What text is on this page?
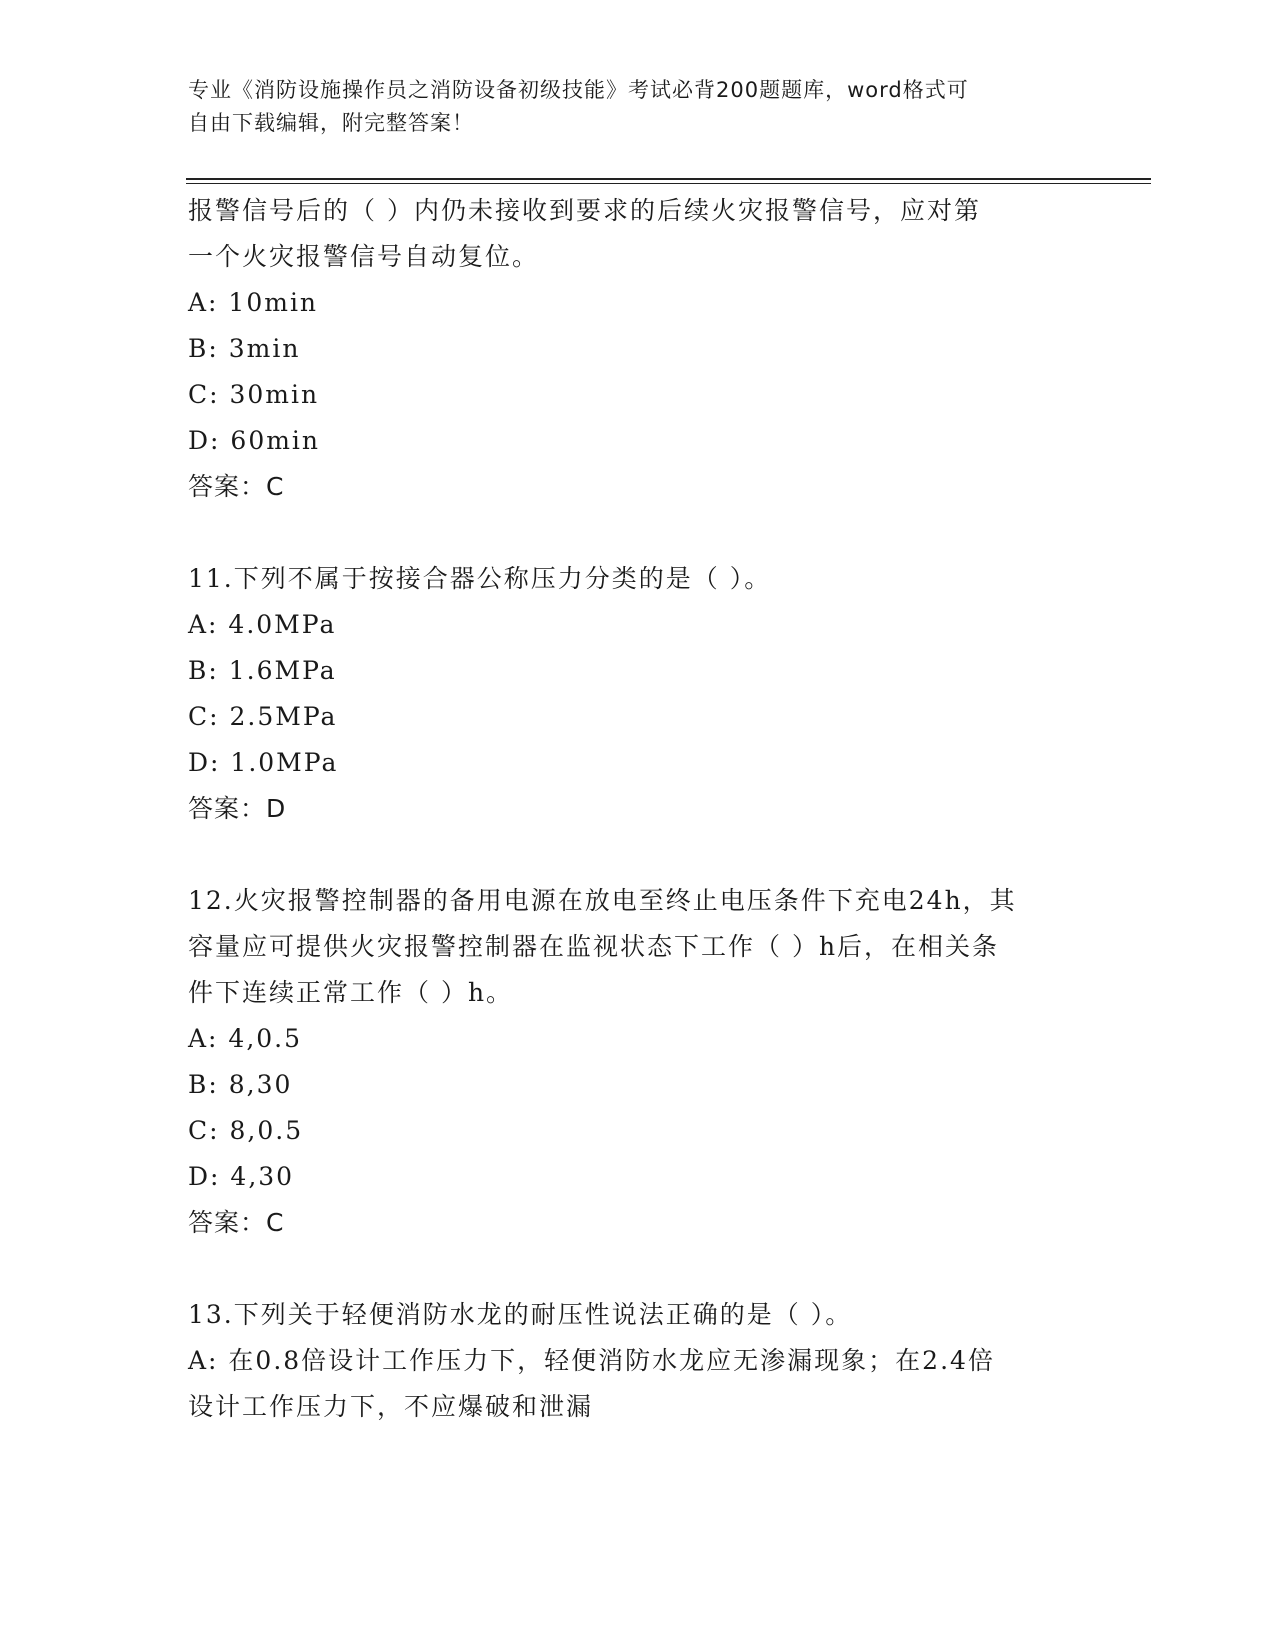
专业《消防设施操作员之消防设备初级技能》考试必背200题题库，word格式可
自由下载编辑，附完整答案！
报警信号后的（ ）内仍未接收到要求的后续火灾报警信号，应对第
一个火灾报警信号自动复位。
A: 10min
B: 3min
C: 30min
D: 60min
答案：C
11.下列不属于按接合器公称压力分类的是（ ）。
A: 4.0MPa
B: 1.6MPa
C: 2.5MPa
D: 1.0MPa
答案：D
12.火灾报警控制器的备用电源在放电至终止电压条件下充电24h，其
容量应可提供火灾报警控制器在监视状态下工作（ ）h后，在相关条
件下连续正常工作（ ）h。
A: 4,0.5
B: 8,30
C: 8,0.5
D: 4,30
答案：C
13.下列关于轻便消防水龙的耐压性说法正确的是（ ）。
A: 在0.8倍设计工作压力下，轻便消防水龙应无渗漏现象；在2.4倍
设计工作压力下，不应爆破和泄漏
